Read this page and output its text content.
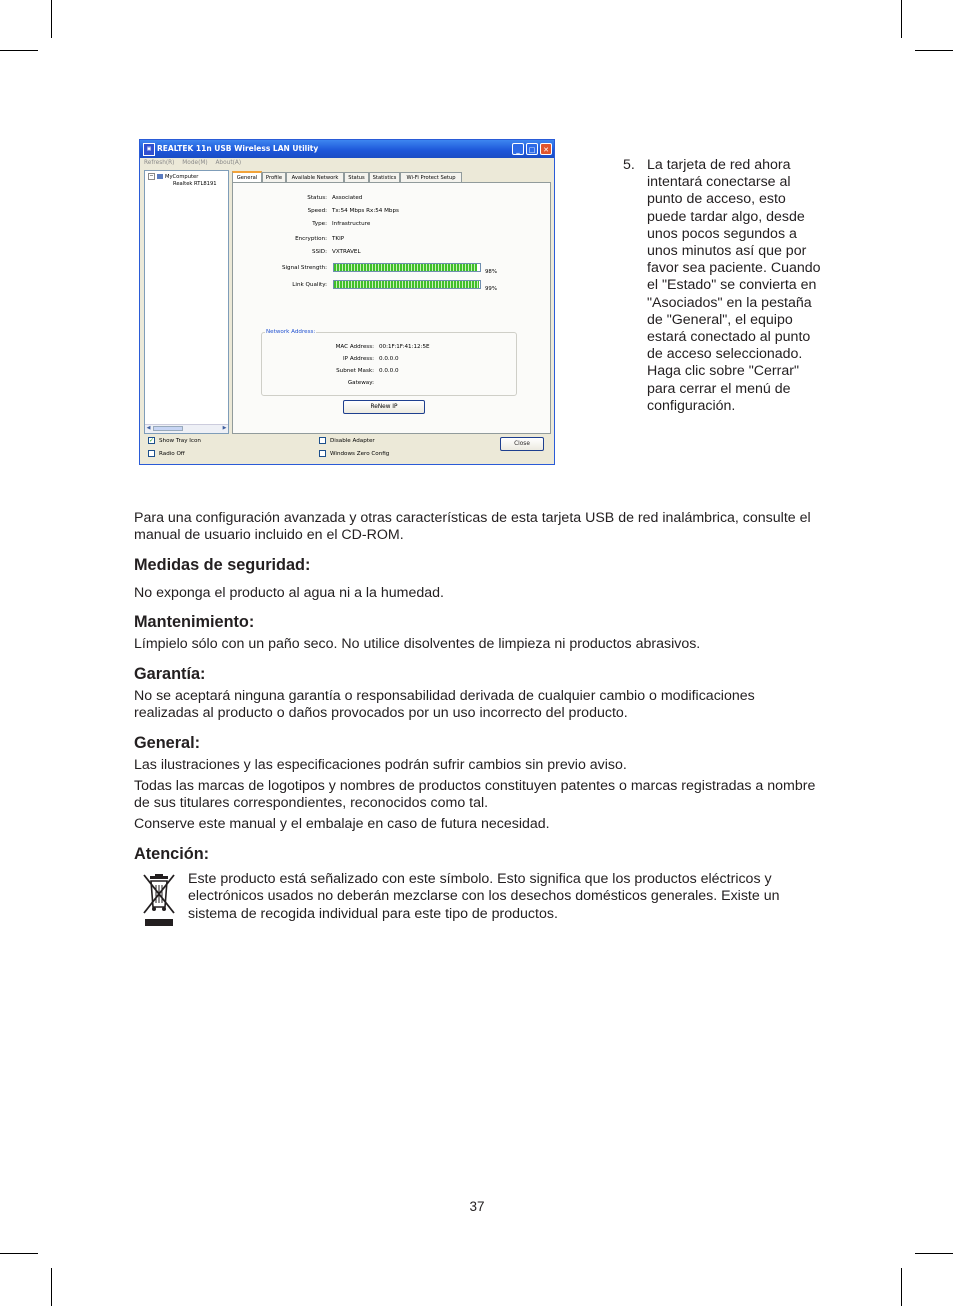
▣ REALTEK 11n USB Wireless LAN Utility	_	□	✕
Refresh(R) Mode(M) About(A)
− MyComputer
Realtek RTL8191
◀	▶
General	Profile	Available Network	Status	Statistics	Wi-Fi Protect Setup
Status: Associated
Speed: Tx:54 Mbps Rx:54 Mbps
Type: Infrastructure
Encryption: TKIP
SSID: VXTRAVEL
Signal Strength:
98%
Link Quality:
99%
Network Address:
MAC Address: 00:1F:1F:41:12:5E
IP Address: 0.0.0.0
Subnet Mask: 0.0.0.0
Gateway:
ReNew IP
✓ Show Tray Icon
Radio Off
Disable Adapter
Windows Zero Config
Close
5. La tarjeta de red ahora intentará conectarse al punto de acceso, esto puede tardar algo, desde unos pocos segundos a unos minutos así que por favor sea paciente. Cuando el "Estado" se convierta en "Asociados" en la pestaña de "General", el equipo estará conectado al punto de acceso seleccionado. Haga clic sobre "Cerrar" para cerrar el menú de configuración.
Para una configuración avanzada y otras características de esta tarjeta USB de red inalámbrica, consulte el manual de usuario incluido en el CD-ROM.
Medidas de seguridad:
No exponga el producto al agua ni a la humedad.
Mantenimiento:
Límpielo sólo con un paño seco. No utilice disolventes de limpieza ni productos abrasivos.
Garantía:
No se aceptará ninguna garantía o responsabilidad derivada de cualquier cambio o modificaciones realizadas al producto o daños provocados por un uso incorrecto del producto.
General:
Las ilustraciones y las especificaciones podrán sufrir cambios sin previo aviso.
Todas las marcas de logotipos y nombres de productos constituyen patentes o marcas registradas a nombre de sus titulares correspondientes, reconocidos como tal.
Conserve este manual y el embalaje en caso de futura necesidad.
Atención:
Este producto está señalizado con este símbolo. Esto significa que los productos eléctricos y electrónicos usados no deberán mezclarse con los desechos domésticos generales. Existe un sistema de recogida individual para este tipo de productos.
37
